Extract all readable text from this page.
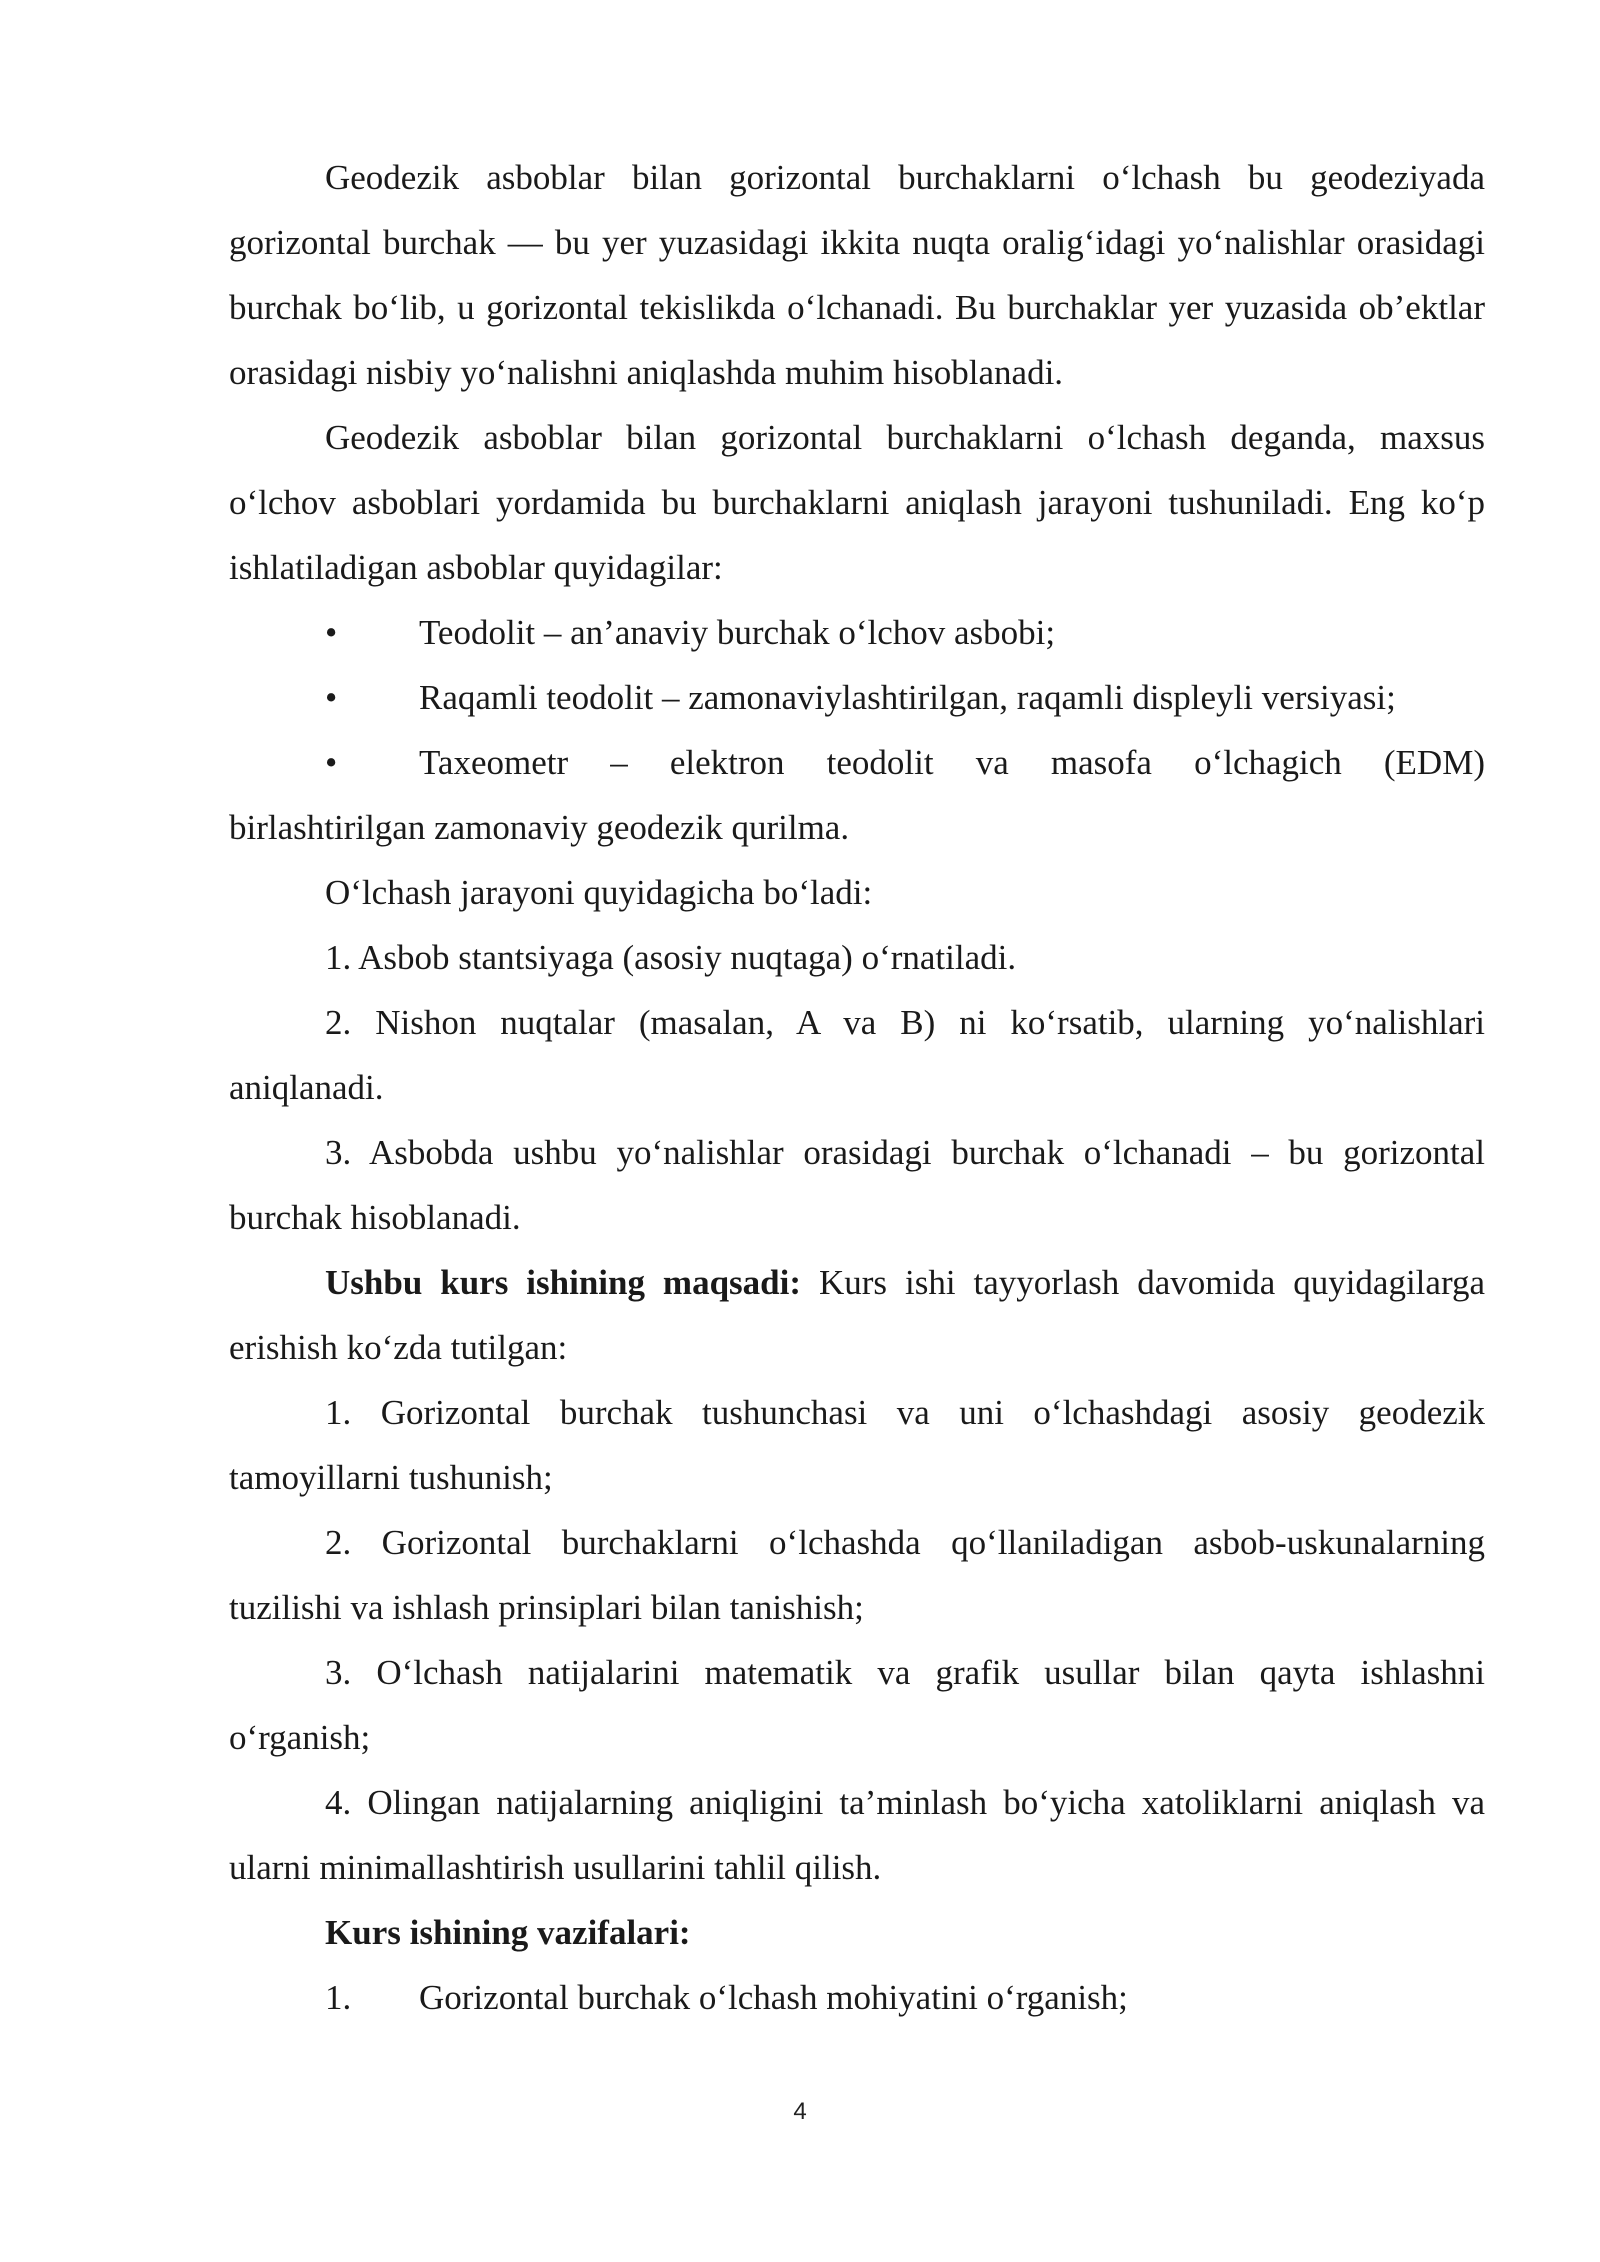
Geodezik asboblar bilan gorizontal burchaklarni o‘lchash bu geodeziyada gorizontal burchak — bu yer yuzasidagi ikkita nuqta oralig‘idagi yo‘nalishlar orasidagi burchak bo‘lib, u gorizontal tekislikda o‘lchanadi. Bu burchaklar yer yuzasida ob’ektlar orasidagi nisbiy yo‘nalishni aniqlashda muhim hisoblanadi.

Geodezik asboblar bilan gorizontal burchaklarni o‘lchash deganda, maxsus o‘lchov asboblari yordamida bu burchaklarni aniqlash jarayoni tushuniladi. Eng ko‘p ishlatiladigan asboblar quyidagilar:

•	Teodolit – an’anaviy burchak o‘lchov asbobi;

•	Raqamli teodolit – zamonaviylashtirilgan, raqamli displeyli versiyasi;

• Taxeometr – elektron teodolit va masofa o‘lchagich (EDM)
birlashtirilgan zamonaviy geodezik qurilma.

O‘lchash jarayoni quyidagicha bo‘ladi:

1. Asbob stantsiyaga (asosiy nuqtaga) o‘rnatiladi.

2. Nishon nuqtalar (masalan, A va B) ni ko‘rsatib, ularning yo‘nalishlari aniqlanadi.

3. Asbobda ushbu yo‘nalishlar orasidagi burchak o‘lchanadi – bu gorizontal burchak hisoblanadi.

Ushbu kurs ishining maqsadi: Kurs ishi tayyorlash davomida quyidagilarga erishish ko‘zda tutilgan:

1. Gorizontal burchak tushunchasi va uni o‘lchashdagi asosiy geodezik tamoyillarni tushunish;

2. Gorizontal burchaklarni o‘lchashda qo‘llaniladigan asbob-uskunalarning tuzilishi va ishlash prinsiplari bilan tanishish;

3. O‘lchash natijalarini matematik va grafik usullar bilan qayta ishlashni o‘rganish;

4. Olingan natijalarning aniqligini ta’minlash bo‘yicha xatoliklarni aniqlash va ularni minimallashtirish usullarini tahlil qilish.

Kurs ishining vazifalari:

1. Gorizontal burchak o‘lchash mohiyatini o‘rganish;

4
